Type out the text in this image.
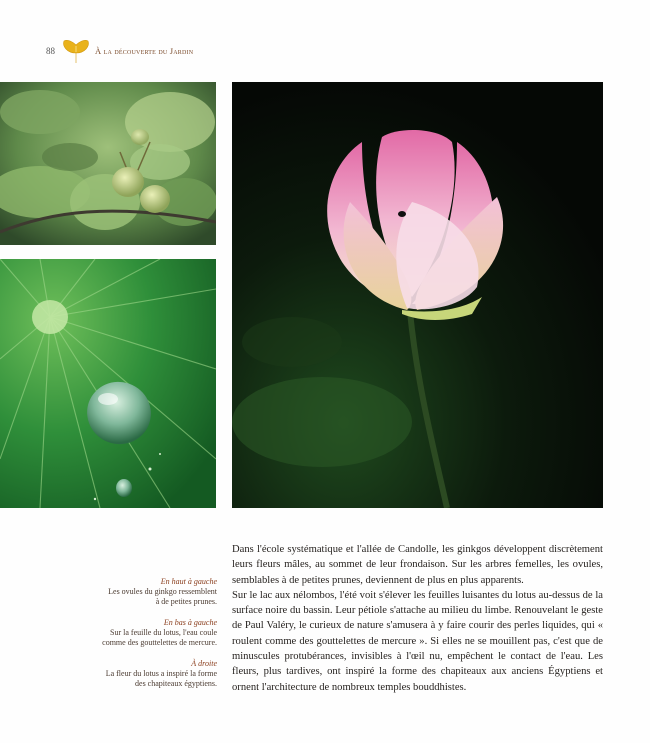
88	À la découverte du Jardin
En haut à gauche
Les ovules du ginkgo ressemblent
à de petites prunes.
En bas à gauche
Sur la feuille du lotus, l'eau coule
comme des gouttelettes de mercure.
À droite
La fleur du lotus a inspiré la forme
des chapiteaux égyptiens.

Dans l'école systématique et l'allée de Candolle, les ginkgos développent discrètement leurs fleurs mâles, au sommet de leur frondaison. Sur les arbres femelles, les ovules, semblables à de petites prunes, deviennent de plus en plus apparents.

Sur le lac aux nélombos, l'été voit s'élever les feuilles luisantes du lotus au-dessus de la surface noire du bassin. Leur pétiole s'attache au milieu du limbe. Renouvelant le geste de Paul Valéry, le curieux de nature s'amusera à y faire courir des perles liquides, qui « roulent comme des gouttelettes de mercure ». Si elles ne se mouillent pas, c'est que de minuscules protubérances, invisibles à l'œil nu, empêchent le contact de l'eau. Les fleurs, plus tardives, ont inspiré la forme des chapiteaux aux anciens Égyptiens et ornent l'architecture de nombreux temples bouddhistes.
